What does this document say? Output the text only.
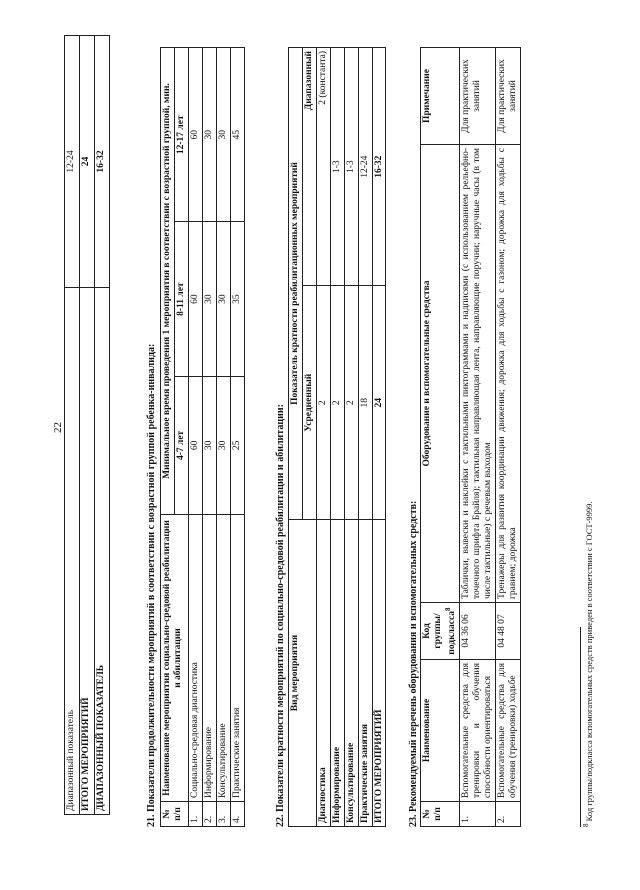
22
Диапазонный показатель	12-24
ИТОГО МЕРОПРИЯТИЙ	24
ДИАПАЗОННЫЙ ПОКАЗАТЕЛЬ	16-32
21. Показатели продолжительности мероприятий в соответствии с возрастной группой ребенка-инвалида: № п/п	Наименование мероприятия социально-средовой реабилитации и абилитации	Минимальное время проведения 1 мероприятия в соответствии с возрастной группой, мин.		
		4-7 лет	8-11 лет	12-17 лет
1.	Социально-средовая диагностика	60	60	60
2.	Информирование	30	30	30
3.	Консультирование	30	30	30
4.	Практические занятия	25	35	45
22. Показатели кратности мероприятий по социально-средовой реабилитации и абилитации: Вид мероприятия	Показатель кратности реабилитационных мероприятий	
	Усредненный	Диапазонный
Диагностика	2	2 (константа)
Информирование	2	1-3
Консультирование	2	1-3
Практические занятия	18	12-24
ИТОГО МЕРОПРИЯТИЙ	24	16-32
23. Рекомендуемый перечень оборудования и вспомогательных средств: № п/п	Наименование	Код группы/ подкласса$^8$	Оборудование и вспомогательные средства	Примечание
1.	Вспомогательные средства для тренировки и обучения способности ориентироваться	04 36 06	Таблички, вывески и наклейки с тактильными пиктограммами и надписями (с использованием рельефно-точечного шрифта Брайля); тактильная направляющая лента, направляющие поручни; наручные часы (в том числе тактильные) с речевым выходом	Для практических занятий
2.	Вспомогательные средства для обучения (тренировки) ходьбе	04 48 07	Тренажеры для развития координации движения; дорожка для ходьбы с газоном; дорожка для ходьбы с гравием; дорожка	Для практических занятий
$^8$ Код группы/подкласса вспомогательных средств приведен в соответствии с ГОСТ-9999.
